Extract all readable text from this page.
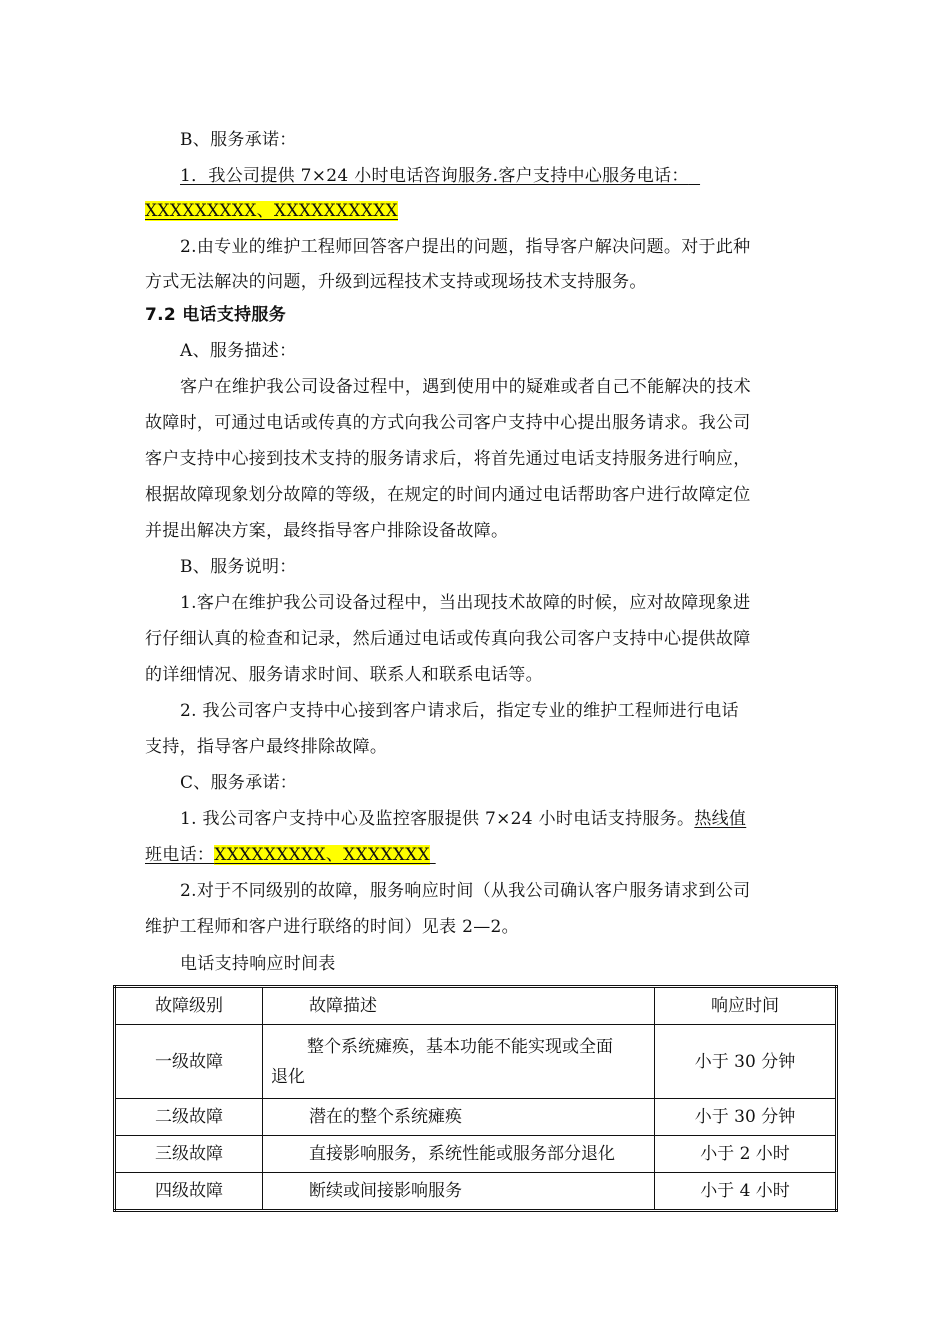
B、服务承诺：
1．我公司提供 7×24 小时电话咨询服务.客户支持中心服务电话：
XXXXXXXXX、XXXXXXXXXX
2.由专业的维护工程师回答客户提出的问题，指导客户解决问题。对于此种
方式无法解决的问题，升级到远程技术支持或现场技术支持服务。
7.2 电话支持服务
A、服务描述：
客户在维护我公司设备过程中，遇到使用中的疑难或者自己不能解决的技术
故障时，可通过电话或传真的方式向我公司客户支持中心提出服务请求。我公司
客户支持中心接到技术支持的服务请求后，将首先通过电话支持服务进行响应，
根据故障现象划分故障的等级，在规定的时间内通过电话帮助客户进行故障定位
并提出解决方案，最终指导客户排除设备故障。
B、服务说明：
1.客户在维护我公司设备过程中，当出现技术故障的时候，应对故障现象进
行仔细认真的检查和记录，然后通过电话或传真向我公司客户支持中心提供故障
的详细情况、服务请求时间、联系人和联系电话等。
2. 我公司客户支持中心接到客户请求后，指定专业的维护工程师进行电话
支持，指导客户最终排除故障。
C、服务承诺：
1. 我公司客户支持中心及监控客服提供 7×24 小时电话支持服务。热线值
班电话：XXXXXXXXX、XXXXXXX
2.对于不同级别的故障，服务响应时间（从我公司确认客户服务请求到公司
维护工程师和客户进行联络的时间）见表 2—2。
电话支持响应时间表
故障级别	故障描述	响应时间
一级故障	整个系统瘫痪，基本功能不能实现或全面
退化	小于 30 分钟
二级故障	潜在的整个系统瘫痪	小于 30 分钟
三级故障	直接影响服务，系统性能或服务部分退化	小于 2 小时
四级故障	断续或间接影响服务	小于 4 小时
